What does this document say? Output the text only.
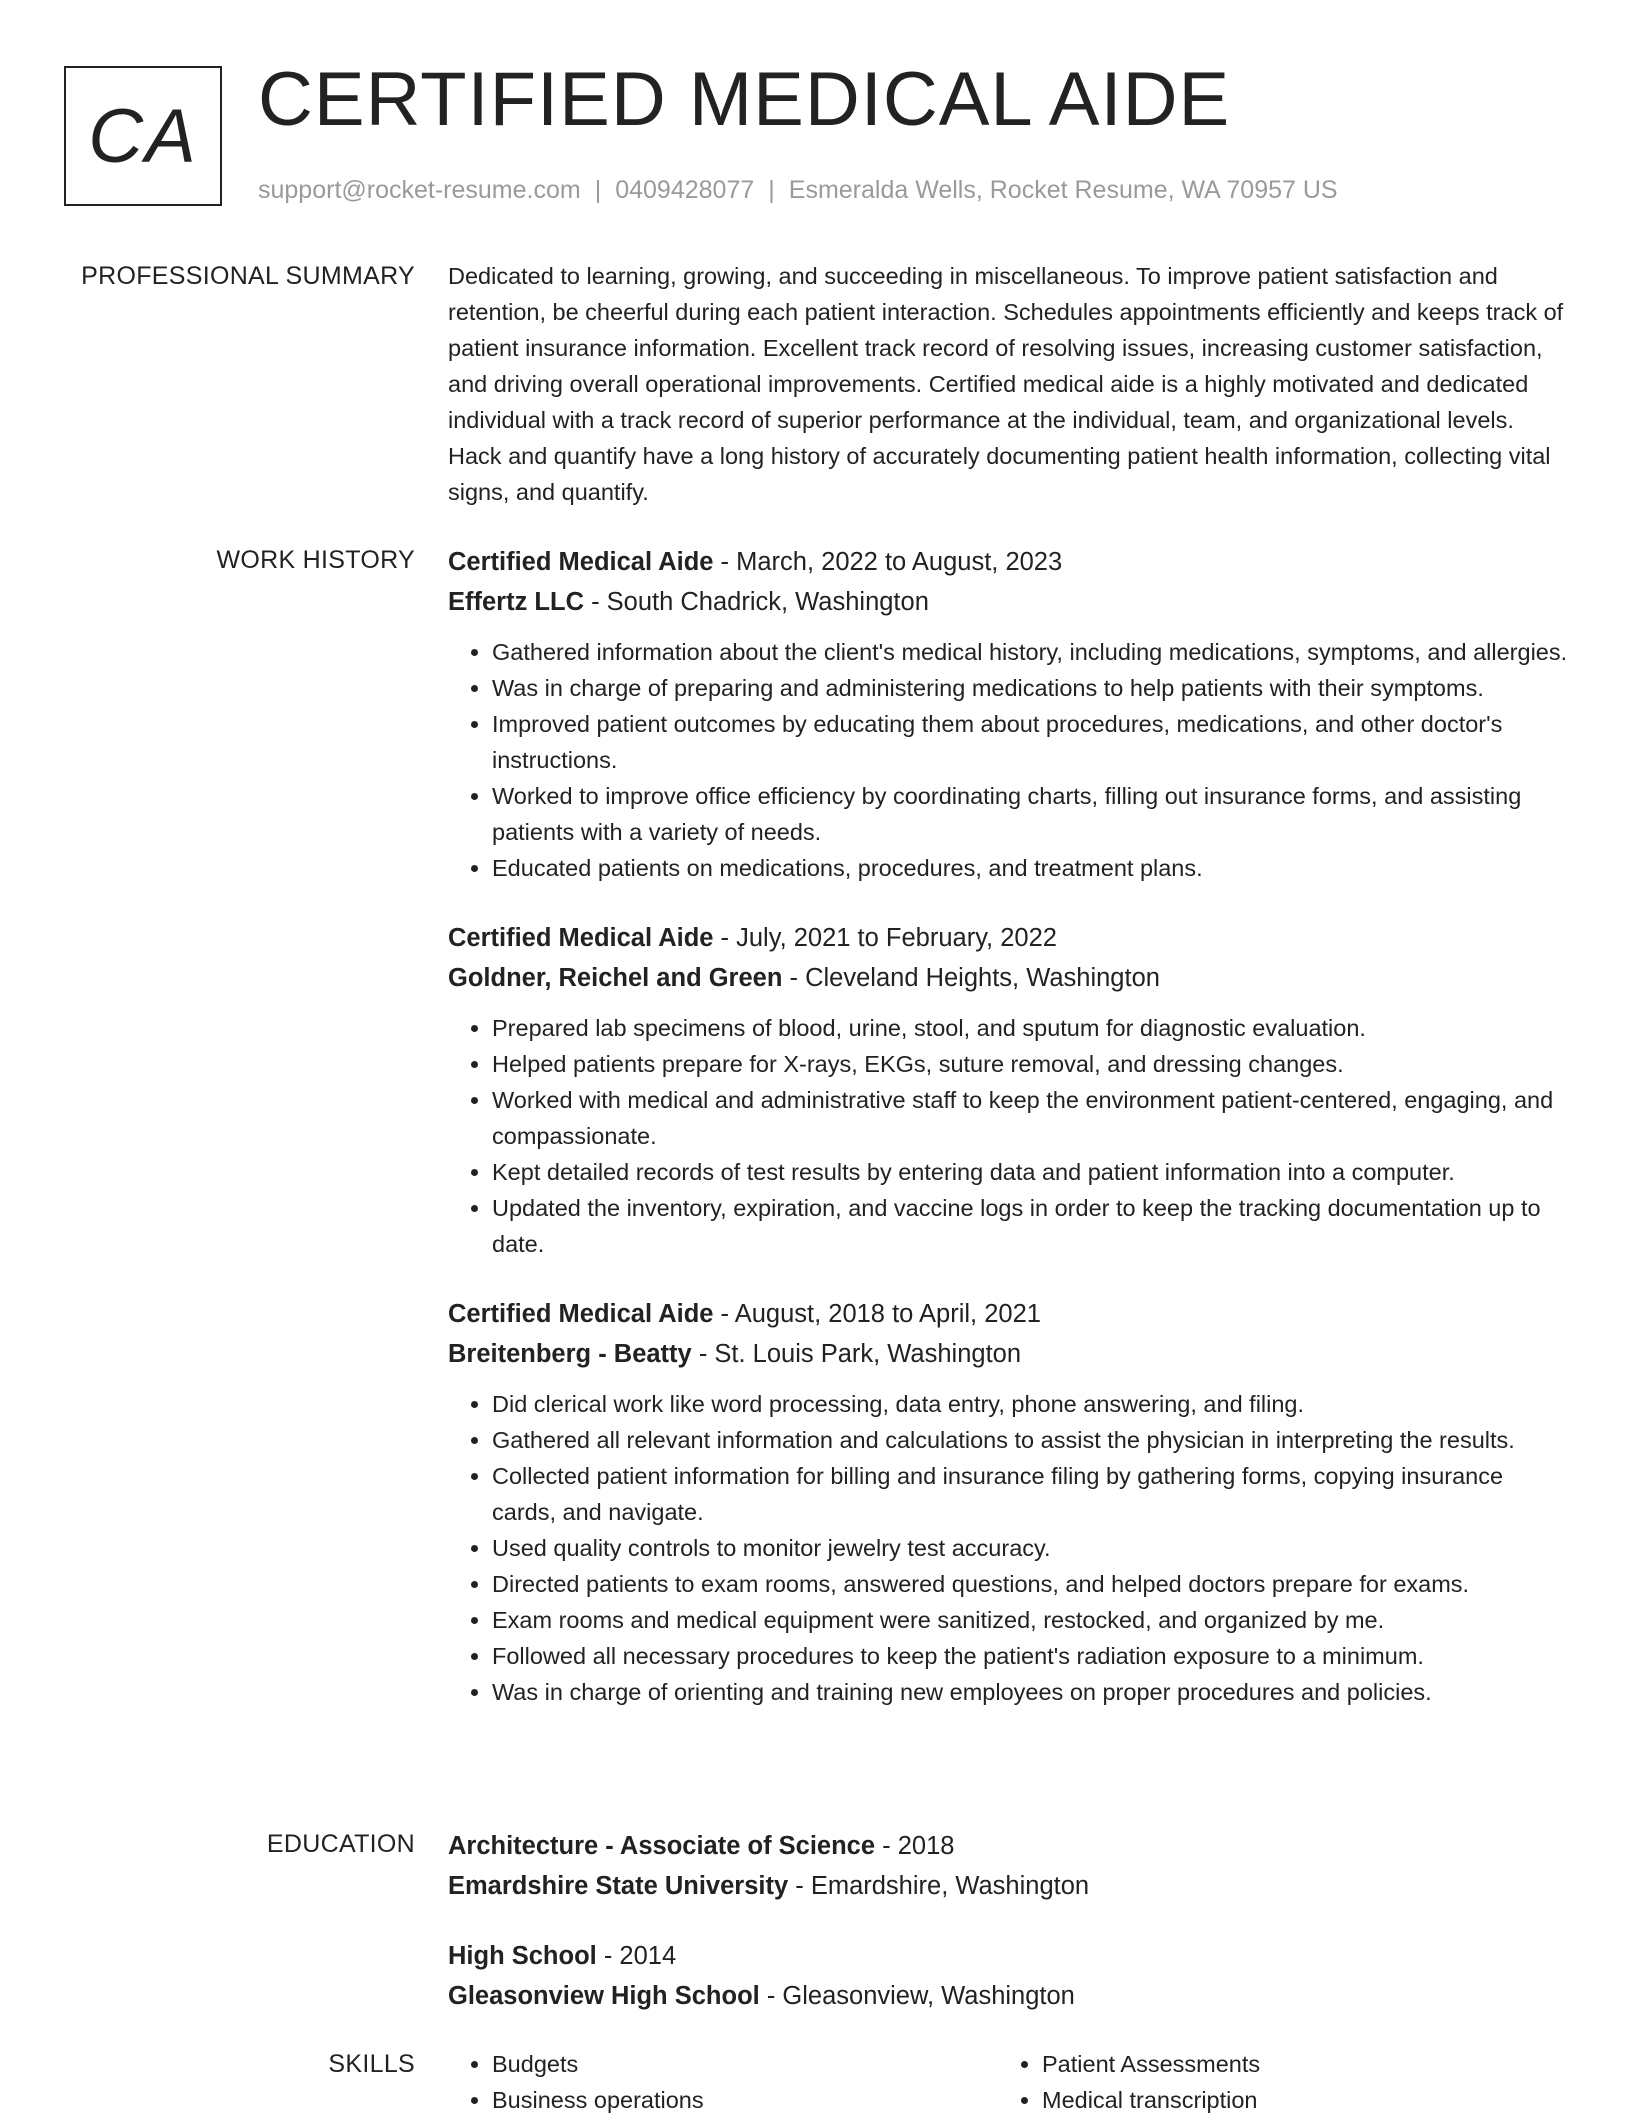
CA CERTIFIED MEDICAL AIDE
support@rocket-resume.com | 0409428077 | Esmeralda Wells, Rocket Resume, WA 70957 US
PROFESSIONAL SUMMARY Dedicated to learning, growing, and succeeding in miscellaneous. To improve patient satisfaction and retention, be cheerful during each patient interaction. Schedules appointments efficiently and keeps track of patient insurance information. Excellent track record of resolving issues, increasing customer satisfaction, and driving overall operational improvements. Certified medical aide is a highly motivated and dedicated individual with a track record of superior performance at the individual, team, and organizational levels. Hack and quantify have a long history of accurately documenting patient health information, collecting vital signs, and quantify.
WORK HISTORY Certified Medical Aide - March, 2022 to August, 2023
Effertz LLC - South Chadrick, Washington
• Gathered information about the client's medical history, including medications, symptoms, and allergies.
• Was in charge of preparing and administering medications to help patients with their symptoms.
• Improved patient outcomes by educating them about procedures, medications, and other doctor's instructions.
• Worked to improve office efficiency by coordinating charts, filling out insurance forms, and assisting patients with a variety of needs.
• Educated patients on medications, procedures, and treatment plans.
Certified Medical Aide - July, 2021 to February, 2022
Goldner, Reichel and Green - Cleveland Heights, Washington
• Prepared lab specimens of blood, urine, stool, and sputum for diagnostic evaluation.
• Helped patients prepare for X-rays, EKGs, suture removal, and dressing changes.
• Worked with medical and administrative staff to keep the environment patient-centered, engaging, and compassionate.
• Kept detailed records of test results by entering data and patient information into a computer.
• Updated the inventory, expiration, and vaccine logs in order to keep the tracking documentation up to date.
Certified Medical Aide - August, 2018 to April, 2021
Breitenberg - Beatty - St. Louis Park, Washington
• Did clerical work like word processing, data entry, phone answering, and filing.
• Gathered all relevant information and calculations to assist the physician in interpreting the results.
• Collected patient information for billing and insurance filing by gathering forms, copying insurance cards, and navigate.
• Used quality controls to monitor jewelry test accuracy.
• Directed patients to exam rooms, answered questions, and helped doctors prepare for exams.
• Exam rooms and medical equipment were sanitized, restocked, and organized by me.
• Followed all necessary procedures to keep the patient's radiation exposure to a minimum.
• Was in charge of orienting and training new employees on proper procedures and policies.
EDUCATION Architecture - Associate of Science - 2018
Emardshire State University - Emardshire, Washington
High School - 2014
Gleasonview High School - Gleasonview, Washington
SKILLS
•	Budgets
• Business operations
• Patient Assessments
• Medical transcription
